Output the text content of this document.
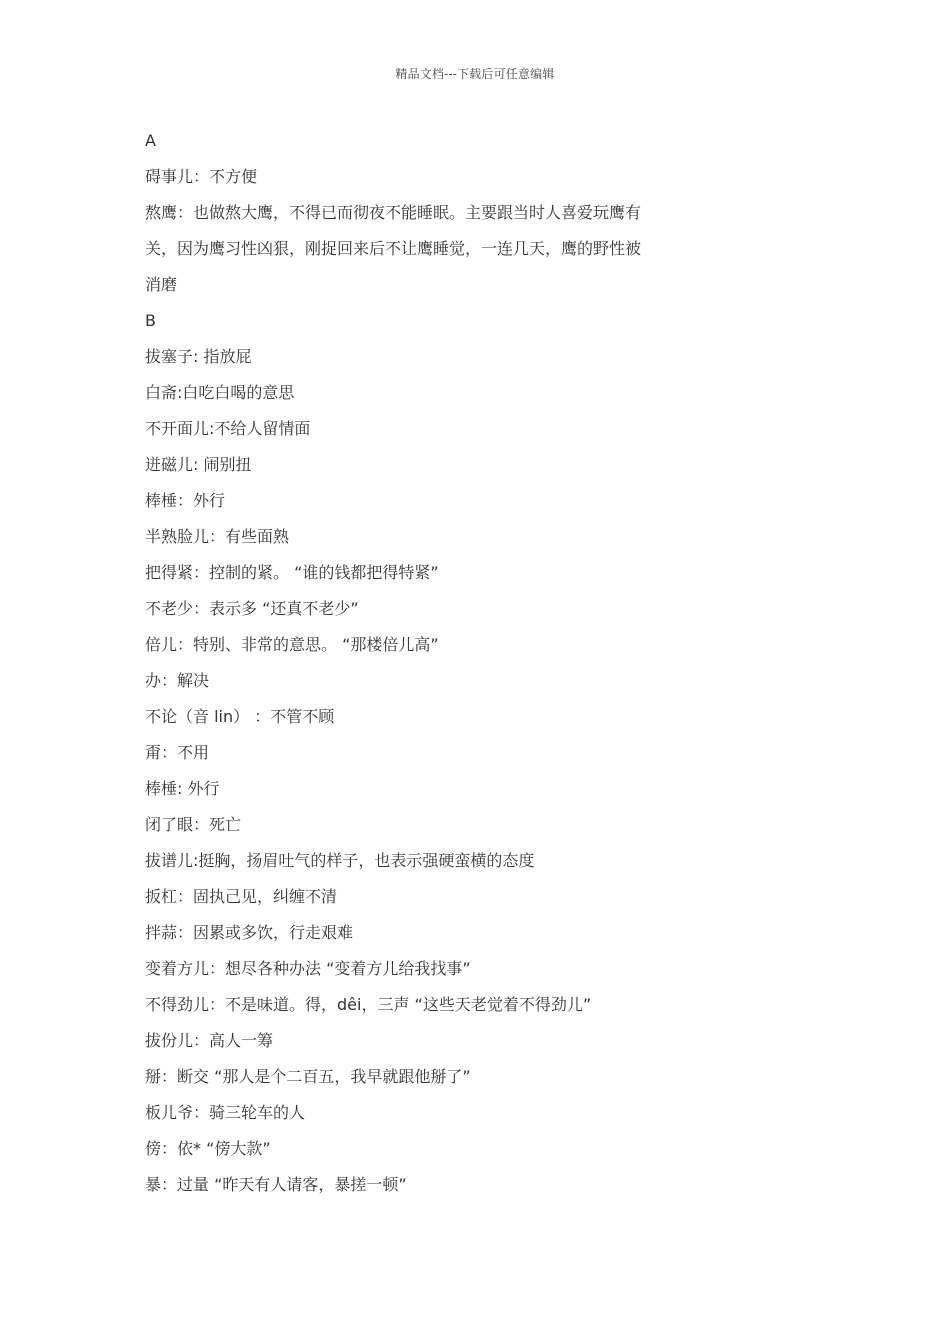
精品文档---下载后可任意编辑
A
碍事儿：不方便
熬鹰：也做熬大鹰，不得已而彻夜不能睡眠。主要跟当时人喜爱玩鹰有
关，因为鹰习性凶狠，刚捉回来后不让鹰睡觉，一连几天，鹰的野性被
消磨
B
拔塞子: 指放屁
白斋:白吃白喝的意思
不开面儿:不给人留情面
迸磁儿: 闹别扭
棒棰：外行
半熟脸儿：有些面熟
把得紧：控制的紧。 “谁的钱都把得特紧”
不老少：表示多 “还真不老少”
倍儿：特别、非常的意思。 “那楼倍儿高”
办：解决
不论（音 lin） ：不管不顾
甭：不用
棒棰: 外行
闭了眼：死亡
拔谱儿:挺胸，扬眉吐气的样子，也表示强硬蛮横的态度
扳杠：固执己见，纠缠不清
拌蒜：因累或多饮，行走艰难
变着方儿：想尽各种办法 “变着方儿给我找事”
不得劲儿：不是味道。得，dêi，三声 “这些天老觉着不得劲儿”
拔份儿：高人一筹
掰：断交 “那人是个二百五，我早就跟他掰了”
板儿爷：骑三轮车的人
傍：依* “傍大款”
暴：过量 “昨天有人请客，暴搓一顿”
